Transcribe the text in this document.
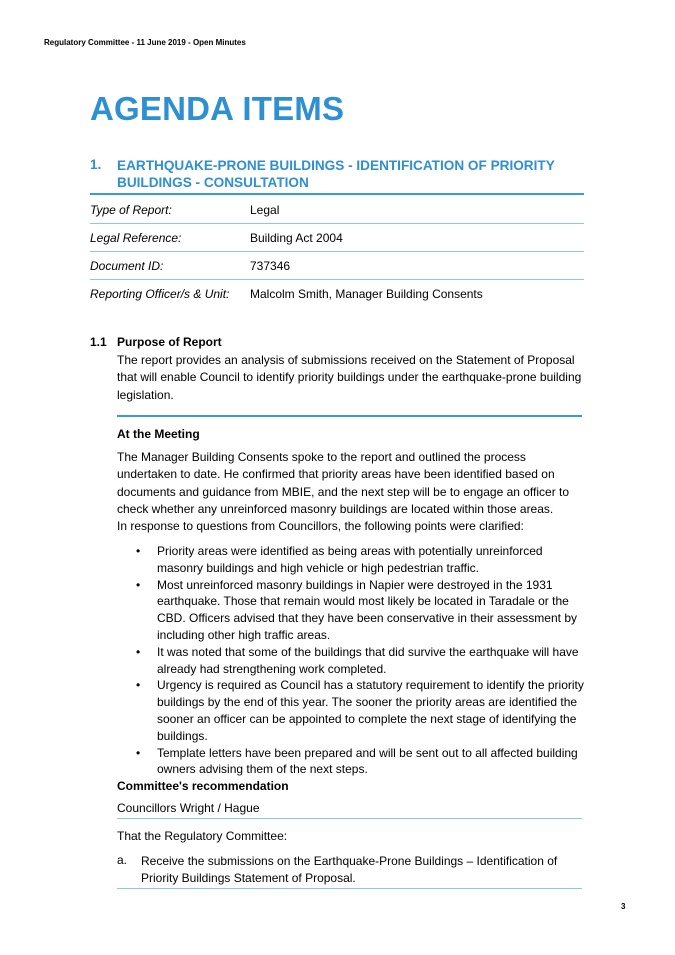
Regulatory Committee - 11 June 2019 - Open Minutes
AGENDA ITEMS
1. EARTHQUAKE-PRONE BUILDINGS - IDENTIFICATION OF PRIORITY BUILDINGS - CONSULTATION
Type of Report:	Legal
Legal Reference:	Building Act 2004
Document ID:	737346
Reporting Officer/s & Unit: Malcolm Smith, Manager Building Consents
1.1 Purpose of Report
The report provides an analysis of submissions received on the Statement of Proposal that will enable Council to identify priority buildings under the earthquake-prone building legislation.
At the Meeting
The Manager Building Consents spoke to the report and outlined the process undertaken to date. He confirmed that priority areas have been identified based on documents and guidance from MBIE, and the next step will be to engage an officer to check whether any unreinforced masonry buildings are located within those areas.
In response to questions from Councillors, the following points were clarified:
• Priority areas were identified as being areas with potentially unreinforced masonry buildings and high vehicle or high pedestrian traffic.
• Most unreinforced masonry buildings in Napier were destroyed in the 1931 earthquake. Those that remain would most likely be located in Taradale or the CBD. Officers advised that they have been conservative in their assessment by including other high traffic areas.
• It was noted that some of the buildings that did survive the earthquake will have already had strengthening work completed.
• Urgency is required as Council has a statutory requirement to identify the priority buildings by the end of this year. The sooner the priority areas are identified the sooner an officer can be appointed to complete the next stage of identifying the buildings.
• Template letters have been prepared and will be sent out to all affected building owners advising them of the next steps.
Committee's recommendation
Councillors Wright / Hague
That the Regulatory Committee:
a. Receive the submissions on the Earthquake-Prone Buildings – Identification of Priority Buildings Statement of Proposal.
3
